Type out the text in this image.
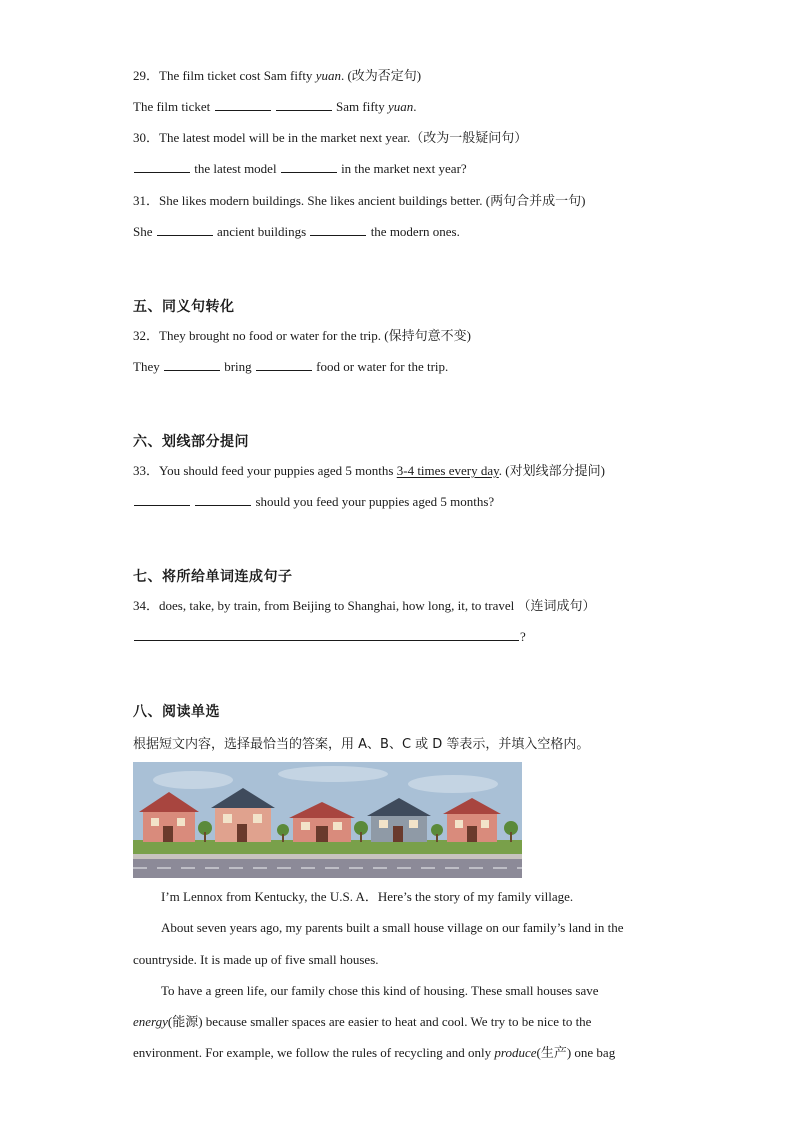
29．The film ticket cost Sam fifty yuan. (改为否定句)
The film ticket	Sam fifty yuan.
30．The latest model will be in the market next year.（改为一般疑问句）
the latest model	in the market next year?
31．She likes modern buildings. She likes ancient buildings better. (两句合并成一句)
She	ancient buildings	the modern ones.
五、同义句转化
32．They brought no food or water for the trip. (保持句意不变)
They	bring	food or water for the trip.
六、划线部分提问
33．You should feed your puppies aged 5 months 3-4 times every day. (对划线部分提问)
should you feed your puppies aged 5 months?
七、将所给单词连成句子
34．does, take, by train, from Beijing to Shanghai, how long, it, to travel （连词成句）
?
八、阅读单选
根据短文内容，选择最恰当的答案，用 A、B、C 或 D 等表示，并填入空格内。
I’m Lennox from Kentucky, the U.S. A．Here’s the story of my family village.
About seven years ago, my parents built a small house village on our family’s land in the
countryside. It is made up of five small houses.
To have a green life, our family chose this kind of housing. These small houses save
energy(能源) because smaller spaces are easier to heat and cool. We try to be nice to the
environment. For example, we follow the rules of recycling and only produce(生产) one bag
